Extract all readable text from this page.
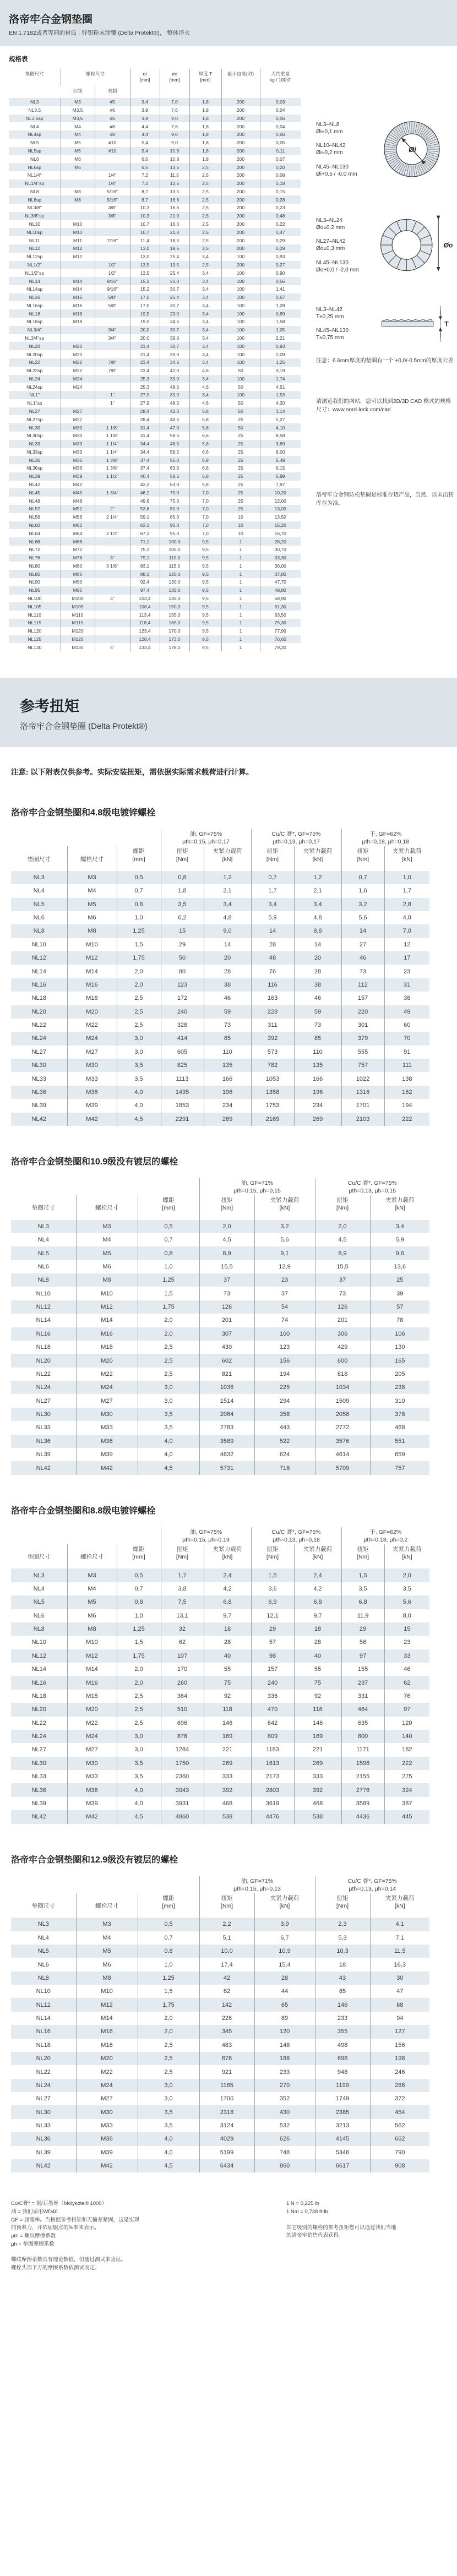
洛帝牢合金钢垫圈
EN 1.7182或者等同的材质 · 锌铝粉末涂覆 (Delta Protekt®)， 整体淬火
规格表
垫圈尺寸	螺栓尺寸		øi
[mm]	øo
[mm]	厚度 T
[mm]	最小包装(对)	大约重量
kg / 100对
	公制	美制					
NL3	M3	#5	3,4	7,0	1,8	200	0,03
NL3,5	M3,5	#6	3,9	7,6	1,8	200	0,04
NL3,5sp	M3,5	#6	3,9	9,0	1,8	200	0,06
NL4	M4	#8	4,4	7,6	1,8	200	0,04
NL4sp	M4	#8	4,4	9,0	1,8	200	0,06
NL5	M5	#10	5,4	9,0	1,8	200	0,05
NL5sp	M5	#10	5,4	10,8	1,8	200	0,11
NL6	M6		6,5	10,8	1,8	200	0,07
NL6sp	M6		6,5	13,5	2,5	200	0,20
NL1/4"		1/4"	7,2	11,5	2,5	200	0,08
NL1/4"sp		1/4"	7,2	13,5	2,5	200	0,18
NL8	M8	5/16"	8,7	13,5	2,5	200	0,15
NL8sp	M8	5/16"	8,7	16,6	2,5	200	0,28
NL3/8"		3/8"	10,3	16,6	2,5	200	0,23
NL3/8"sp		3/8"	10,3	21,0	2,5	200	0,48
NL10	M10		10,7	16,6	2,5	200	0,22
NL10sp	M10		10,7	21,0	2,5	200	0,47
NL11	M11	7/16"	11,4	18,5	2,5	200	0,29
NL12	M12		13,0	19,5	2,5	200	0,29
NL12sp	M12		13,0	25,4	3,4	100	0,93
NL1/2"		1/2"	13,5	19,5	2,5	200	0,27
NL1/2"sp		1/2"	13,5	25,4	3,4	100	0,90
NL14	M14	9/16"	15,2	23,0	3,4	100	0,56
NL14sp	M14	9/16"	15,2	30,7	3,4	100	1,41
NL16	M16	5/8"	17,0	25,4	3,4	100	0,67
NL16sp	M16	5/8"	17,0	30,7	3,4	100	1,28
NL18	M18		19,5	29,0	3,4	100	0,89
NL18sp	M18		19,5	34,5	3,4	100	1,58
NL3/4"		3/4"	20,0	30,7	3,4	100	1,05
NL3/4"sp		3/4"	20,0	39,0	3,4	100	2,21
NL20	M20		21,4	30,7	3,4	100	0,93
NL20sp	M20		21,4	39,0	3,4	100	2,09
NL22	M22	7/8"	23,4	34,5	3,4	100	1,25
NL22sp	M22	7/8"	23,4	42,0	4,6	50	3,19
NL24	M24		25,3	39,0	3,4	100	1,74
NL24sp	M24		25,3	48,5	4,6	50	4,51
NL1"		1"	27,9	39,0	3,4	100	1,53
NL1"sp		1"	27,9	48,5	4,6	50	4,20
NL27	M27		28,4	42,0	5,8	50	3,14
NL27sp	M27		28,4	48,5	5,8	25	5,27
NL30	M30	1 1/8"	31,4	47,0	5,8	50	4,10
NL30sp	M30	1 1/8"	31,4	58,5	6,6	25	8,58
NL33	M33	1 1/4"	34,4	48,5	5,8	25	3,89
NL33sp	M33	1 1/4"	34,4	58,5	6,6	25	8,00
NL36	M36	1 3/8"	37,4	55,0	5,8	25	5,49
NL36sp	M36	1 3/8"	37,4	63,0	6,6	25	9,15
NL39	M39	1 1/2"	40,4	58,5	5,8	25	5,89
NL42	M42		43,2	63,0	5,8	25	7,97
NL45	M45	1 3/4"	46,2	70,0	7,0	25	10,20
NL48	M48		49,6	75,0	7,0	25	12,00
NL52	M52	2"	53,6	80,0	7,0	25	13,00
NL56	M56	2 1/4"	59,1	85,0	7,0	10	13,50
NL60	M60		63,1	90,0	7,0	10	15,20
NL64	M64	2 1/2"	67,1	95,0	7,0	10	16,70
NL68	M68		71,1	100,0	9,5	1	28,20
NL72	M72		75,1	105,0	9,5	1	30,70
NL76	M76	3"	79,1	110,0	9,5	1	33,30
NL80	M80	3 1/8"	83,1	115,0	9,5	1	36,00
NL85	M85		88,1	120,0	9,5	1	37,80
NL90	M90		92,4	130,0	9,5	1	47,70
NL95	M95		97,4	135,0	9,5	1	49,80
NL100	M100	4"	103,4	145,0	9,5	1	58,90
NL105	M105		108,4	150,0	9,5	1	61,30
NL110	M110		113,4	155,0	9,5	1	63,50
NL115	M115		118,4	165,0	9,5	1	75,30
NL120	M120		123,4	170,0	9,5	1	77,90
NL125	M125		128,4	173,0	9,5	1	76,60
NL130	M130	5"	133,4	178,0	9,5	1	79,20
NL3–NL8
Øi±0,1 mm
NL10–NL42
Øi±0,2 mm
NL45–NL130
Øi+0,5 / -0,0 mm
Øi
NL3–NL24
Øo±0,2 mm
NL27–NL42
Øo±0,3 mm
NL45–NL130
Øo+0,0 / -2,0 mm
Øo
NL3–NL42
T±0,25 mm
NL45–NL130
T±0,75 mm
T
注意：6.6mm厚度的垫圈有一个 +0,0/-0.5mm的厚度公差
请浏览我们的网站，您可以找到2D/3D CAD 格式的规格尺寸：www.nord-lock.com/cad
洛帝牢合金钢防松垫圈是标准存货产品，当然，以未出售库存为准。
参考扭矩
洛帝牢合金钢垫圈 (Delta Protekt®)
注意: 以下附表仅供参考。实际安装扭矩，需依据实际需求载荷进行计算。
洛帝牢合金钢垫圈和4.8级电镀锌螺栓

油, GF=75%
μth=0,15, μh=0,17

Cu/C 膏*, GF=75%
μth=0,13, μh=0,17

干, GF=62%
μth=0,18, μh=0,18

垫圈尺寸	螺栓尺寸	
螺距
[mm]

扭矩
[Nm]

夹紧力载荷
[kN]

扭矩
[Nm]

夹紧力载荷
[kN]

扭矩
[Nm]

夹紧力载荷
[kN]

NL3	M3	0,5	0,8	1,2	0,7	1,2	0,7	1,0
NL4	M4	0,7	1,8	2,1	1,7	2,1	1,6	1,7
NL5	M5	0,8	3,5	3,4	3,4	3,4	3,2	2,8
NL6	M6	1,0	6,2	4,8	5,9	4,8	5,6	4,0
NL8	M8	1,25	15	9,0	14	8,8	14	7,0
NL10	M10	1,5	29	14	28	14	27	12
NL12	M12	1,75	50	20	48	20	46	17
NL14	M14	2,0	80	28	76	28	73	23
NL16	M16	2,0	123	38	116	38	112	31
NL18	M18	2,5	172	46	163	46	157	38
NL20	M20	2,5	240	59	228	59	220	49
NL22	M22	2,5	328	73	311	73	301	60
NL24	M24	3,0	414	85	392	85	379	70
NL27	M27	3,0	605	110	573	110	555	91
NL30	M30	3,5	825	135	782	135	757	111
NL33	M33	3,5	1113	166	1053	166	1022	138
NL36	M36	4,0	1435	196	1358	196	1316	162
NL39	M39	4,0	1853	234	1753	234	1701	194
NL42	M42	4,5	2291	269	2169	269	2103	222
洛帝牢合金钢垫圈和10.9级没有镀层的螺栓

油, GF=71%
μth=0,15, μh=0,15

Cu/C 膏*, GF=75%
μth=0,13, μh=0,15

垫圈尺寸	螺栓尺寸	
螺距
[mm]

扭矩
[Nm]

夹紧力载荷
[kN]

扭矩
[Nm]

夹紧力载荷
[kN]

NL3	M3	0,5	2,0	3,2	2,0	3,4
NL4	M4	0,7	4,5	5,6	4,5	5,9
NL5	M5	0,8	8,9	9,1	8,9	9,6
NL6	M6	1,0	15,5	12,9	15,5	13,6
NL8	M8	1,25	37	23	37	25
NL10	M10	1,5	73	37	73	39
NL12	M12	1,75	126	54	126	57
NL14	M14	2,0	201	74	201	78
NL16	M16	2,0	307	100	306	106
NL18	M18	2,5	430	123	429	130
NL20	M20	2,5	602	156	600	165
NL22	M22	2,5	821	194	818	205
NL24	M24	3,0	1036	225	1034	238
NL27	M27	3,0	1514	294	1509	310
NL30	M30	3,5	2064	358	2058	378
NL33	M33	3,5	2783	443	2772	468
NL36	M36	4,0	3589	522	3576	551
NL39	M39	4,0	4632	624	4614	659
NL42	M42	4,5	5731	716	5709	757
洛帝牢合金钢垫圈和8.8级电镀锌螺栓

油, GF=75%
μth=0,15, μh=0,19

Cu/C 膏*, GF=75%
μth=0,13, μh=0,18

干, GF=62%
μth=0,18, μh=0,2

垫圈尺寸	螺栓尺寸	
螺距
[mm]

扭矩
[Nm]

夹紧力载荷
[kN]

扭矩
[Nm]

夹紧力载荷
[kN]

扭矩
[Nm]

夹紧力载荷
[kN]

NL3	M3	0,5	1,7	2,4	1,5	2,4	1,5	2,0
NL4	M4	0,7	3,8	4,2	3,6	4,2	3,5	3,5
NL5	M5	0,8	7,5	6,8	6,9	6,8	6,8	5,6
NL6	M6	1,0	13,1	9,7	12,1	9,7	11,9	8,0
NL8	M8	1,25	32	18	29	18	29	15
NL10	M10	1,5	62	28	57	28	56	23
NL12	M12	1,75	107	40	98	40	97	33
NL14	M14	2,0	170	55	157	55	155	46
NL16	M16	2,0	260	75	240	75	237	62
NL18	M18	2,5	364	92	336	92	331	76
NL20	M20	2,5	510	118	470	118	464	97
NL22	M22	2,5	696	146	642	146	635	120
NL24	M24	3,0	878	169	809	169	800	140
NL27	M27	3,0	1284	221	1183	221	1171	182
NL30	M30	3,5	1750	269	1613	269	1596	222
NL33	M33	3,5	2360	333	2173	333	2155	275
NL36	M36	4,0	3043	392	2803	392	2776	324
NL39	M39	4,0	3931	468	3619	468	3589	387
NL42	M42	4,5	4860	538	4476	538	4436	445
洛帝牢合金钢垫圈和12.9级没有镀层的螺栓

油, GF=71%
μth=0,15, μh=0,13

Cu/C 膏*, GF=75%
μth=0,13, μh=0,14

垫圈尺寸	螺栓尺寸	
螺距
[mm]

扭矩
[Nm]

夹紧力载荷
[kN]

扭矩
[Nm]

夹紧力载荷
[kN]

NL3	M3	0,5	2,2	3,9	2,3	4,1
NL4	M4	0,7	5,1	6,7	5,3	7,1
NL5	M5	0,8	10,0	10,9	10,3	11,5
NL6	M6	1,0	17,4	15,4	18	16,3
NL8	M8	1,25	42	28	43	30
NL10	M10	1,5	82	44	85	47
NL12	M12	1,75	142	65	146	68
NL14	M14	2,0	226	89	233	94
NL16	M16	2,0	345	120	355	127
NL18	M18	2,5	483	148	498	156
NL20	M20	2,5	676	188	696	198
NL22	M22	2,5	921	233	948	246
NL24	M24	3,0	1165	270	1199	286
NL27	M27	3,0	1700	352	1749	372
NL30	M30	3,5	2318	430	2385	454
NL33	M33	3,5	3124	532	3213	562
NL36	M36	4,0	4029	626	4145	662
NL39	M39	4,0	5199	748	5346	790
NL42	M42	4,5	6434	860	6617	908
Cu/C膏* = 铜/石墨膏（Molykote® 1000）
油 = 我们采用WD40
GF = 屈服率。当根据参考扭矩和无偏差紧固，这是实现
的预紧力，并依屈服点的%率来表示。
μth = 螺纹摩擦系数
μh = 垫圈摩擦系数
螺纹摩擦系数具有理论数值，但通过测试来验证。
螺栓头部下方的摩擦系数依测试而定。
1 N = 0,225 lb
1 Nm = 0,738 ft-lb
其它级别的螺栓的参考扭矩您可以通过我们当地
的洛帝牢销售代表获得。
